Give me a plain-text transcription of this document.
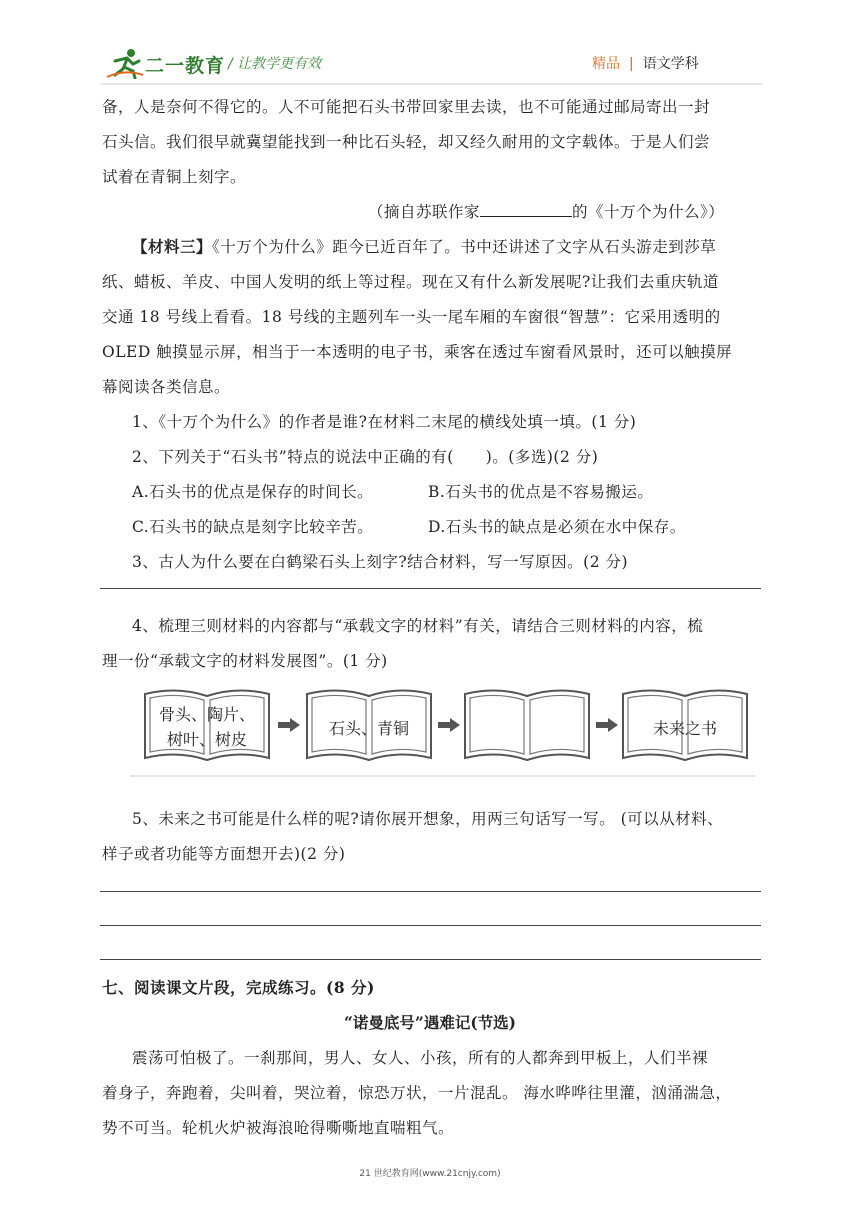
二一教育 / 让教学更有效	精品 | 语文学科
备，人是奈何不得它的。人不可能把石头书带回家里去读，也不可能通过邮局寄出一封
石头信。我们很早就冀望能找到一种比石头轻，却又经久耐用的文字载体。于是人们尝
试着在青铜上刻字。
（摘自苏联作家	的《十万个为什么》）
【材料三】《十万个为什么》距今已近百年了。书中还讲述了文字从石头游走到莎草
纸、蜡板、羊皮、中国人发明的纸上等过程。现在又有什么新发展呢?让我们去重庆轨道
交通 18 号线上看看。18 号线的主题列车一头一尾车厢的车窗很“智慧”：它采用透明的
OLED 触摸显示屏，相当于一本透明的电子书，乘客在透过车窗看风景时，还可以触摸屏
幕阅读各类信息。
1、《十万个为什么》的作者是谁?在材料二末尾的横线处填一填。(1 分)
2、下列关于“石头书”特点的说法中正确的有(　　)。(多选)(2 分)
A.石头书的优点是保存的时间长。	B.石头书的优点是不容易搬运。
C.石头书的缺点是刻字比较辛苦。	D.石头书的缺点是必须在水中保存。
3、古人为什么要在白鹤梁石头上刻字?结合材料，写一写原因。(2 分)
4、梳理三则材料的内容都与“承载文字的材料”有关，请结合三则材料的内容，梳
理一份“承载文字的材料发展图”。(1 分)
骨头、陶片、
树叶、树皮
石头、青铜	未来之书
5、未来之书可能是什么样的呢?请你展开想象，用两三句话写一写。 (可以从材料、
样子或者功能等方面想开去)(2 分)
七、阅读课文片段，完成练习。(8 分)
“诺曼底号”遇难记(节选)
震荡可怕极了。一刹那间，男人、女人、小孩，所有的人都奔到甲板上，人们半裸
着身子，奔跑着，尖叫着，哭泣着，惊恐万状，一片混乱。 海水哗哗往里灌，汹涌湍急，
势不可当。轮机火炉被海浪呛得嘶嘶地直喘粗气。
21 世纪教育网(www.21cnjy.com)
